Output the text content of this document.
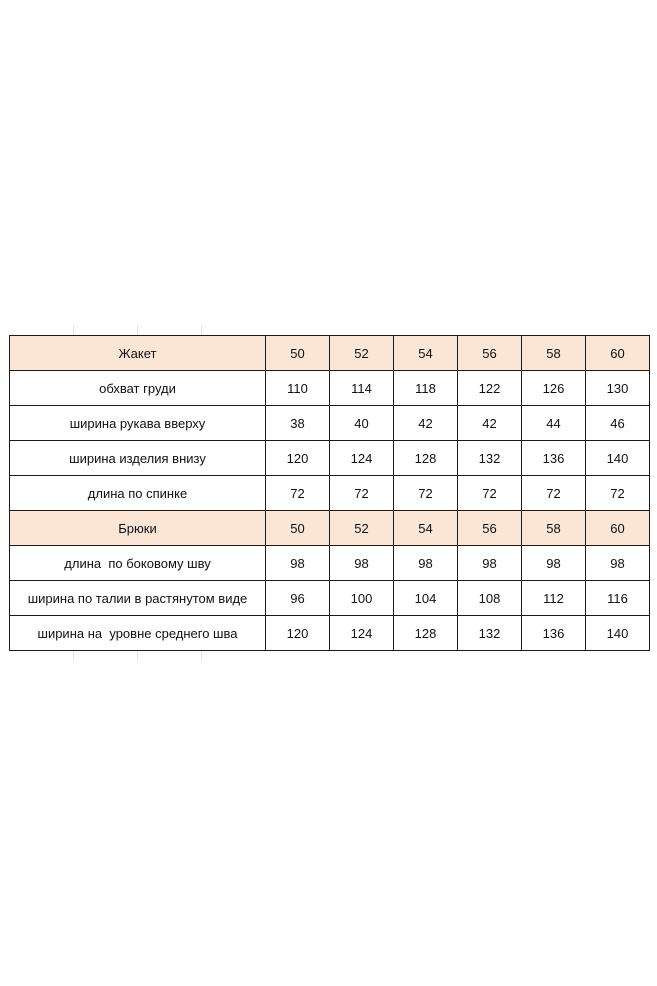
Жакет	50	52	54	56	58	60
обхват груди	110	114	118	122	126	130
ширина рукава вверху	38	40	42	42	44	46
ширина изделия внизу	120	124	128	132	136	140
длина по спинке	72	72	72	72	72	72
Брюки	50	52	54	56	58	60
длина  по боковому шву	98	98	98	98	98	98
ширина по талии в растянутом виде	96	100	104	108	112	116
ширина на  уровне среднего шва	120	124	128	132	136	140
